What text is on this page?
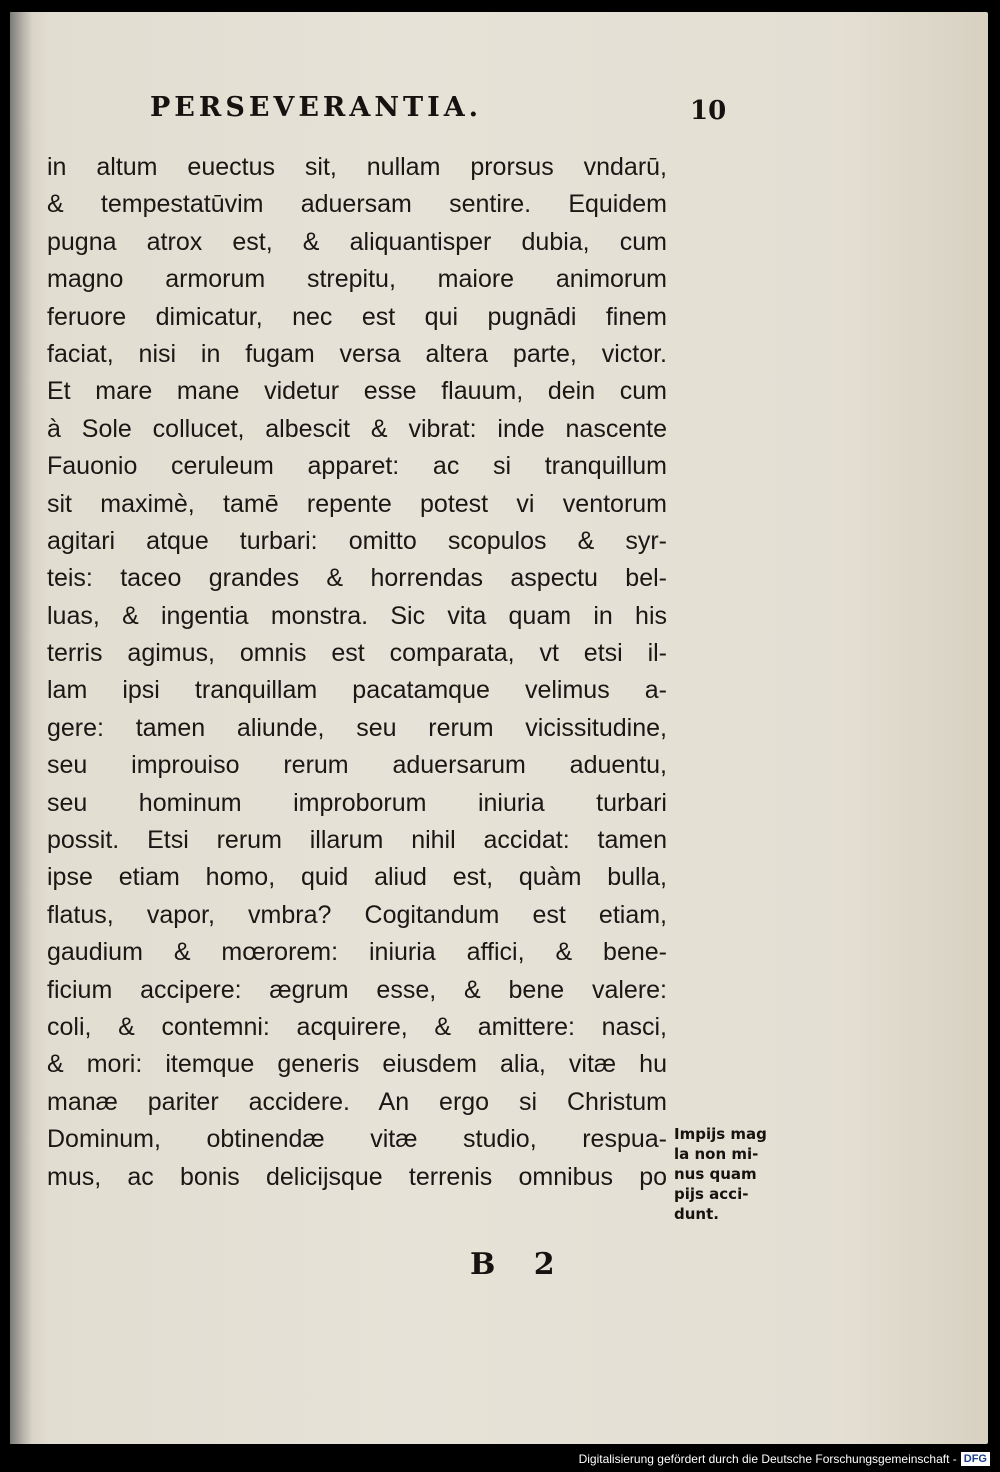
PERSEVERANTIA.	10
in altum euectus sit, nullam prorsus vndarū,
& tempestatūvim aduersam sentire. Equidem
pugna atrox est, & aliquantisper dubia, cum
magno armorum strepitu, maiore animorum
feruore dimicatur, nec est qui pugnādi finem
faciat, nisi in fugam versa altera parte, victor.
Et mare mane videtur esse flauum, dein cum
à Sole collucet, albescit & vibrat: inde nascente
Fauonio ceruleum apparet: ac si tranquillum
sit maximè, tamē repente potest vi ventorum
agitari atque turbari: omitto scopulos & syr-
teis: taceo grandes & horrendas aspectu bel-
luas, & ingentia monstra. Sic vita quam in his
terris agimus, omnis est comparata, vt etsi il-
lam ipsi tranquillam pacatamque velimus a-
gere: tamen aliunde, seu rerum vicissitudine,
seu improuiso rerum aduersarum aduentu,
seu hominum improborum iniuria turbari
possit. Etsi rerum illarum nihil accidat: tamen
ipse etiam homo, quid aliud est, quàm bulla,
flatus, vapor, vmbra? Cogitandum est etiam,
gaudium & mœrorem: iniuria affici, & bene-
ficium accipere: ægrum esse, & bene valere:
coli, & contemni: acquirere, & amittere: nasci,
& mori: itemque generis eiusdem alia, vitæ hu
manæ pariter accidere. An ergo si Christum
Dominum, obtinendæ vitæ studio, respua-
mus, ac bonis delicijsque terrenis omnibus po
Impijs mag
la non mi-
nus quam
pijs acci-
dunt.
B 2
Digitalisierung gefördert durch die Deutsche Forschungsgemeinschaft - DFG
